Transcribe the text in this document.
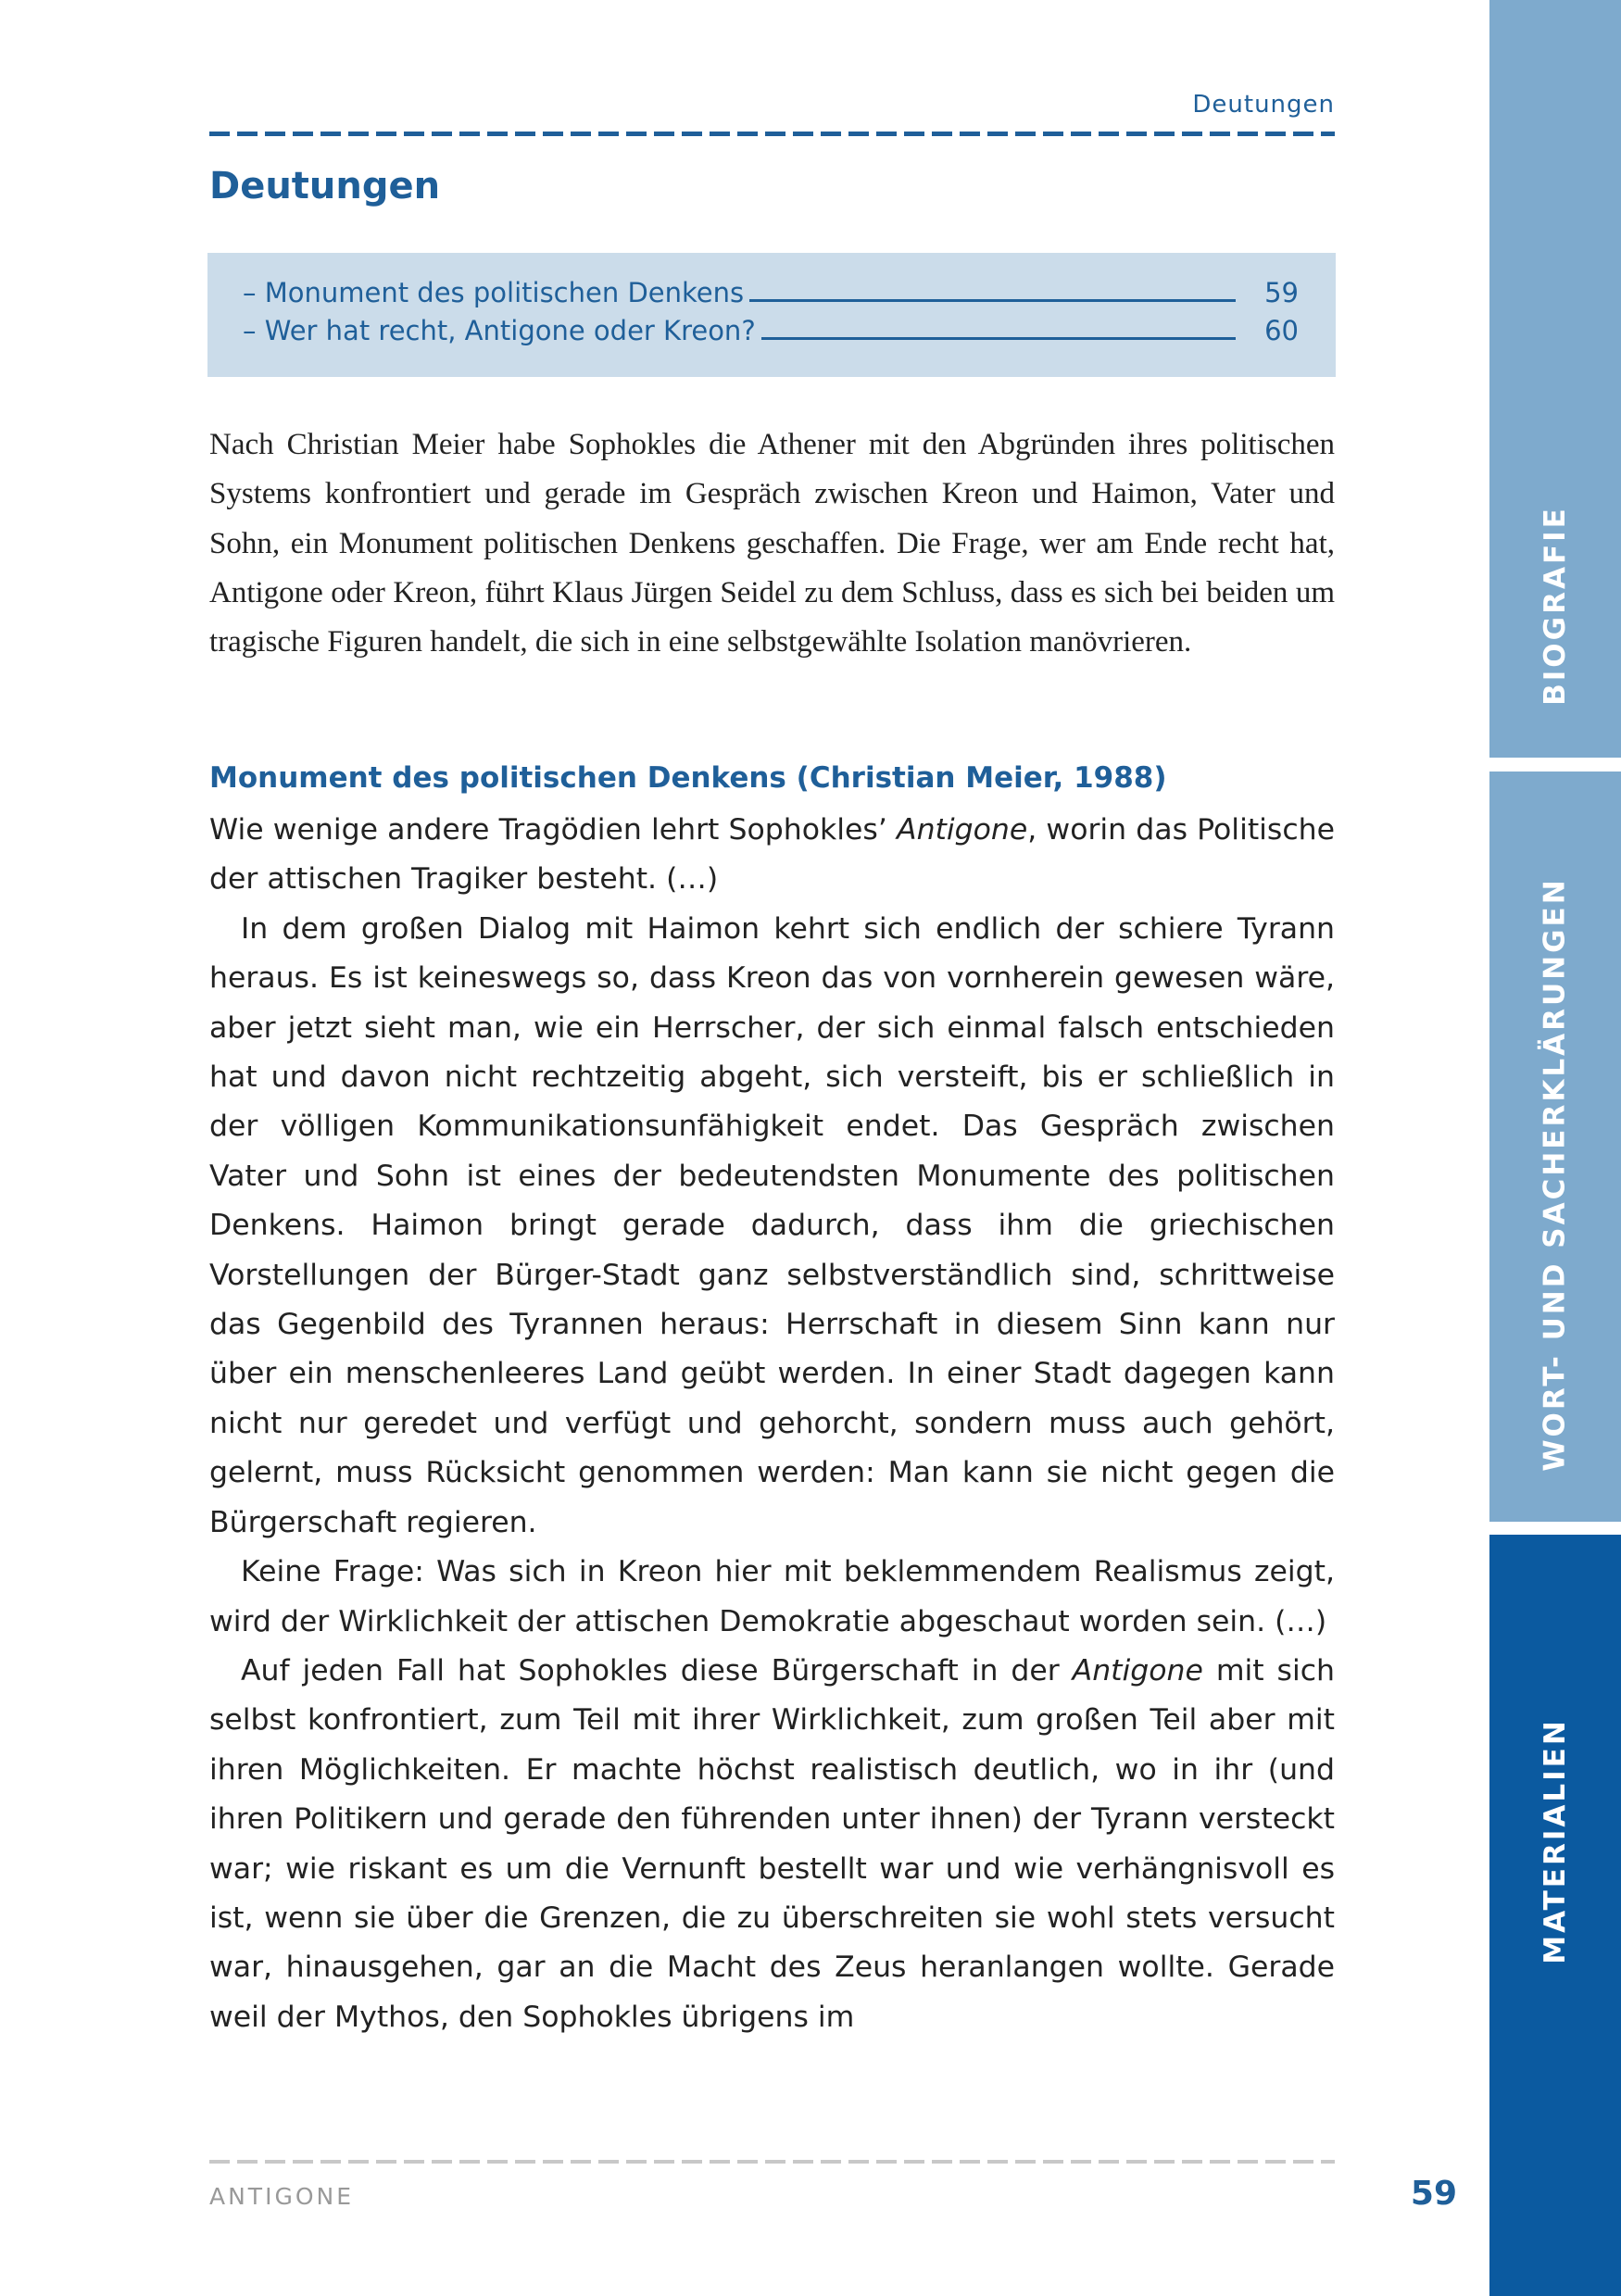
Deutungen
Deutungen
– Monument des politischen Denkens	59
– Wer hat recht, Antigone oder Kreon?	60

Nach Christian Meier habe Sophokles die Athener mit den Abgründen ihres politischen Systems konfrontiert und gerade im Gespräch zwischen Kreon und Haimon, Vater und Sohn, ein Monument politischen Denkens geschaffen. Die Frage, wer am Ende recht hat, Antigone oder Kreon, führt Klaus Jürgen Seidel zu dem Schluss, dass es sich bei beiden um tragische Figuren handelt, die sich in eine selbstgewählte Isolation manövrieren.

Monument des politischen Denkens (Christian Meier, 1988)

Wie wenige andere Tragödien lehrt Sophokles’ Antigone, worin das Politische der attischen Tragiker besteht. (…)

In dem großen Dialog mit Haimon kehrt sich endlich der schiere Tyrann heraus. Es ist keineswegs so, dass Kreon das von vornherein gewesen wäre, aber jetzt sieht man, wie ein Herrscher, der sich einmal falsch entschieden hat und davon nicht rechtzeitig abgeht, sich versteift, bis er schließlich in der völligen Kommunikationsunfähigkeit endet. Das Gespräch zwischen Vater und Sohn ist eines der bedeutendsten Monumente des politischen Denkens. Haimon bringt gerade dadurch, dass ihm die griechischen Vorstellungen der Bürger-Stadt ganz selbstverständlich sind, schrittweise das Gegenbild des Tyrannen heraus: Herrschaft in diesem Sinn kann nur über ein menschenleeres Land geübt werden. In einer Stadt dagegen kann nicht nur geredet und verfügt und gehorcht, sondern muss auch gehört, gelernt, muss Rücksicht genommen werden: Man kann sie nicht gegen die Bürgerschaft regieren.

Keine Frage: Was sich in Kreon hier mit beklemmendem Realismus zeigt, wird der Wirklichkeit der attischen Demokratie abgeschaut worden sein. (…)

Auf jeden Fall hat Sophokles diese Bürgerschaft in der Antigone mit sich selbst konfrontiert, zum Teil mit ihrer Wirklichkeit, zum großen Teil aber mit ihren Möglichkeiten. Er machte höchst realistisch deutlich, wo in ihr (und ihren Politikern und gerade den führenden unter ihnen) der Tyrann versteckt war; wie riskant es um die Vernunft bestellt war und wie verhängnisvoll es ist, wenn sie über die Grenzen, die zu überschreiten sie wohl stets versucht war, hinausgehen, gar an die Macht des Zeus heranlangen wollte. Gerade weil der Mythos, den Sophokles übrigens im

ANTIGONE	59
BIOGRAFIE
WORT- UND SACHERKLÄRUNGEN
MATERIALIEN
